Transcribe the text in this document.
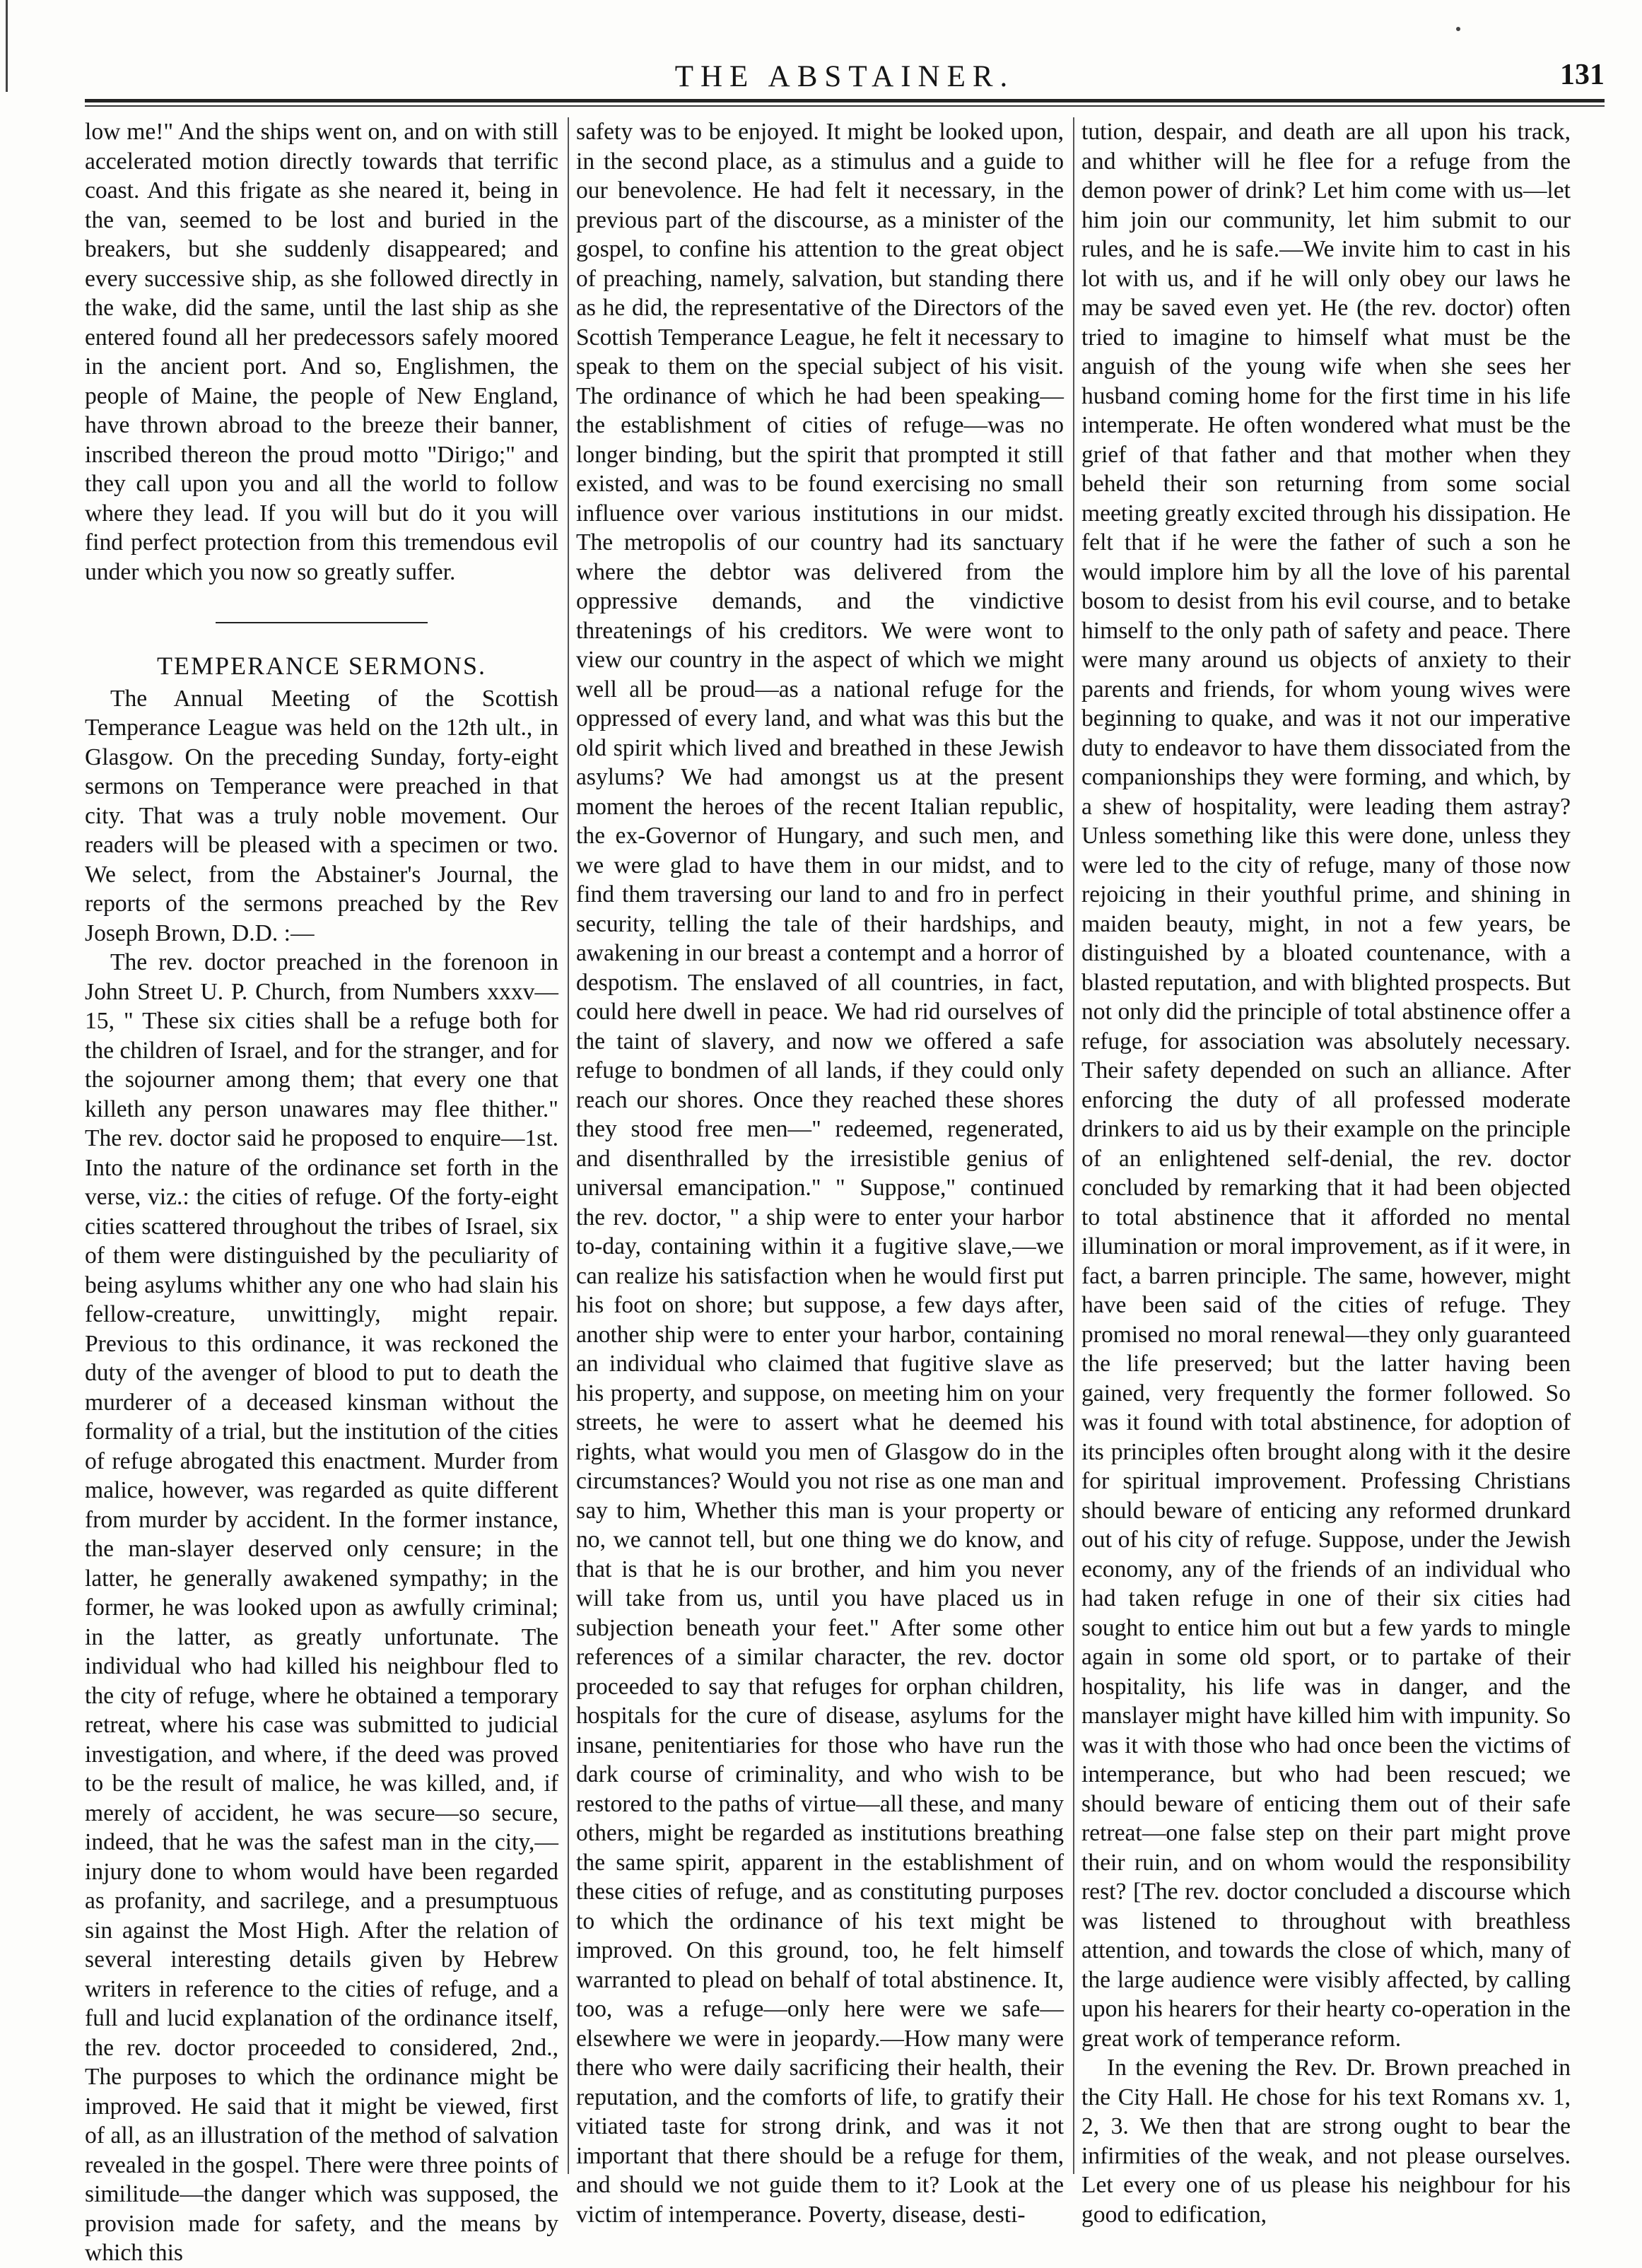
THE ABSTAINER.	131

low me!" And the ships went on, and on with still accelerated motion directly towards that terrific coast. And this frigate as she neared it, being in the van, seemed to be lost and buried in the breakers, but she suddenly disappeared; and every successive ship, as she followed directly in the wake, did the same, until the last ship as she entered found all her predecessors safely moored in the ancient port. And so, Englishmen, the people of Maine, the people of New England, have thrown abroad to the breeze their banner, inscribed thereon the proud motto "Dirigo;" and they call upon you and all the world to follow where they lead. If you will but do it you will find perfect protection from this tremendous evil under which you now so greatly suffer.

TEMPERANCE SERMONS.

The Annual Meeting of the Scottish Temperance League was held on the 12th ult., in Glasgow. On the preceding Sunday, forty-eight sermons on Temperance were preached in that city. That was a truly noble movement. Our readers will be pleased with a specimen or two. We select, from the Abstainer's Journal, the reports of the sermons preached by the Rev Joseph Brown, D.D. :—

The rev. doctor preached in the forenoon in John Street U. P. Church, from Numbers xxxv—15, " These six cities shall be a refuge both for the children of Israel, and for the stranger, and for the sojourner among them; that every one that killeth any person unawares may flee thither." The rev. doctor said he proposed to enquire—1st. Into the nature of the ordinance set forth in the verse, viz.: the cities of refuge. Of the forty-eight cities scattered throughout the tribes of Israel, six of them were distinguished by the peculiarity of being asylums whither any one who had slain his fellow-creature, unwittingly, might repair. Previous to this ordinance, it was reckoned the duty of the avenger of blood to put to death the murderer of a deceased kinsman without the formality of a trial, but the institution of the cities of refuge abrogated this enactment. Murder from malice, however, was regarded as quite different from murder by accident. In the former instance, the man-slayer deserved only censure; in the latter, he generally awakened sympathy; in the former, he was looked upon as awfully criminal; in the latter, as greatly unfortunate. The individual who had killed his neighbour fled to the city of refuge, where he obtained a temporary retreat, where his case was submitted to judicial investigation, and where, if the deed was proved to be the result of malice, he was killed, and, if merely of accident, he was secure—so secure, indeed, that he was the safest man in the city,—injury done to whom would have been regarded as profanity, and sacrilege, and a presumptuous sin against the Most High. After the relation of several interesting details given by Hebrew writers in reference to the cities of refuge, and a full and lucid explanation of the ordinance itself, the rev. doctor proceeded to considered, 2nd., The purposes to which the ordinance might be improved. He said that it might be viewed, first of all, as an illustration of the method of salvation revealed in the gospel. There were three points of similitude—the danger which was supposed, the provision made for safety, and the means by which this

safety was to be enjoyed. It might be looked upon, in the second place, as a stimulus and a guide to our benevolence. He had felt it necessary, in the previous part of the discourse, as a minister of the gospel, to confine his attention to the great object of preaching, namely, salvation, but standing there as he did, the representative of the Directors of the Scottish Temperance League, he felt it necessary to speak to them on the special subject of his visit. The ordinance of which he had been speaking—the establishment of cities of refuge—was no longer binding, but the spirit that prompted it still existed, and was to be found exercising no small influence over various institutions in our midst. The metropolis of our country had its sanctuary where the debtor was delivered from the oppressive demands, and the vindictive threatenings of his creditors. We were wont to view our country in the aspect of which we might well all be proud—as a national refuge for the oppressed of every land, and what was this but the old spirit which lived and breathed in these Jewish asylums? We had amongst us at the present moment the heroes of the recent Italian republic, the ex-Governor of Hungary, and such men, and we were glad to have them in our midst, and to find them traversing our land to and fro in perfect security, telling the tale of their hardships, and awakening in our breast a contempt and a horror of despotism. The enslaved of all countries, in fact, could here dwell in peace. We had rid ourselves of the taint of slavery, and now we offered a safe refuge to bondmen of all lands, if they could only reach our shores. Once they reached these shores they stood free men—" redeemed, regenerated, and disenthralled by the irresistible genius of universal emancipation." " Suppose," continued the rev. doctor, " a ship were to enter your harbor to-day, containing within it a fugitive slave,—we can realize his satisfaction when he would first put his foot on shore; but suppose, a few days after, another ship were to enter your harbor, containing an individual who claimed that fugitive slave as his property, and suppose, on meeting him on your streets, he were to assert what he deemed his rights, what would you men of Glasgow do in the circumstances? Would you not rise as one man and say to him, Whether this man is your property or no, we cannot tell, but one thing we do know, and that is that he is our brother, and him you never will take from us, until you have placed us in subjection beneath your feet." After some other references of a similar character, the rev. doctor proceeded to say that refuges for orphan children, hospitals for the cure of disease, asylums for the insane, penitentiaries for those who have run the dark course of criminality, and who wish to be restored to the paths of virtue—all these, and many others, might be regarded as institutions breathing the same spirit, apparent in the establishment of these cities of refuge, and as constituting purposes to which the ordinance of his text might be improved. On this ground, too, he felt himself warranted to plead on behalf of total abstinence. It, too, was a refuge—only here were we safe—elsewhere we were in jeopardy.—How many were there who were daily sacrificing their health, their reputation, and the comforts of life, to gratify their vitiated taste for strong drink, and was it not important that there should be a refuge for them, and should we not guide them to it? Look at the victim of intemperance. Poverty, disease, desti-

tution, despair, and death are all upon his track, and whither will he flee for a refuge from the demon power of drink? Let him come with us—let him join our community, let him submit to our rules, and he is safe.—We invite him to cast in his lot with us, and if he will only obey our laws he may be saved even yet. He (the rev. doctor) often tried to imagine to himself what must be the anguish of the young wife when she sees her husband coming home for the first time in his life intemperate. He often wondered what must be the grief of that father and that mother when they beheld their son returning from some social meeting greatly excited through his dissipation. He felt that if he were the father of such a son he would implore him by all the love of his parental bosom to desist from his evil course, and to betake himself to the only path of safety and peace. There were many around us objects of anxiety to their parents and friends, for whom young wives were beginning to quake, and was it not our imperative duty to endeavor to have them dissociated from the companionships they were forming, and which, by a shew of hospitality, were leading them astray? Unless something like this were done, unless they were led to the city of refuge, many of those now rejoicing in their youthful prime, and shining in maiden beauty, might, in not a few years, be distinguished by a bloated countenance, with a blasted reputation, and with blighted prospects. But not only did the principle of total abstinence offer a refuge, for association was absolutely necessary. Their safety depended on such an alliance. After enforcing the duty of all professed moderate drinkers to aid us by their example on the principle of an enlightened self-denial, the rev. doctor concluded by remarking that it had been objected to total abstinence that it afforded no mental illumination or moral improvement, as if it were, in fact, a barren principle. The same, however, might have been said of the cities of refuge. They promised no moral renewal—they only guaranteed the life preserved; but the latter having been gained, very frequently the former followed. So was it found with total abstinence, for adoption of its principles often brought along with it the desire for spiritual improvement. Professing Christians should beware of enticing any reformed drunkard out of his city of refuge. Suppose, under the Jewish economy, any of the friends of an individual who had taken refuge in one of their six cities had sought to entice him out but a few yards to mingle again in some old sport, or to partake of their hospitality, his life was in danger, and the manslayer might have killed him with impunity. So was it with those who had once been the victims of intemperance, but who had been rescued; we should beware of enticing them out of their safe retreat—one false step on their part might prove their ruin, and on whom would the responsibility rest? [The rev. doctor concluded a discourse which was listened to throughout with breathless attention, and towards the close of which, many of the large audience were visibly affected, by calling upon his hearers for their hearty co-operation in the great work of temperance reform.

In the evening the Rev. Dr. Brown preached in the City Hall. He chose for his text Romans xv. 1, 2, 3. We then that are strong ought to bear the infirmities of the weak, and not please ourselves. Let every one of us please his neighbour for his good to edification,
